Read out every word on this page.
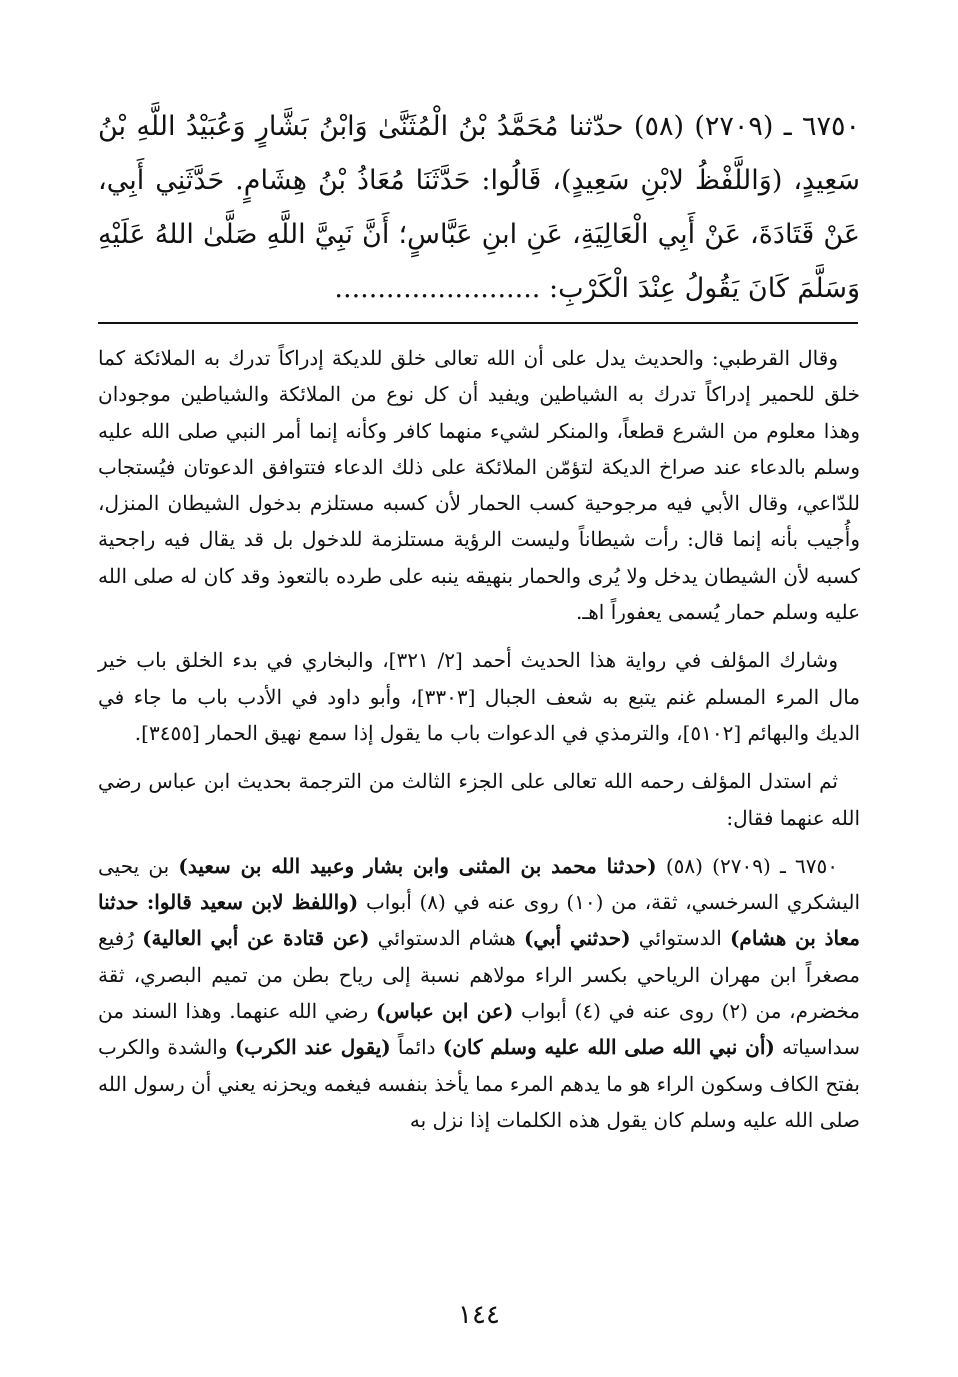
٦٧٥٠ ـ (٢٧٠٩) (٥٨) حدّثنا مُحَمَّدُ بْنُ الْمُثَنَّىٰ وَابْنُ بَشَّارٍ وَعُبَيْدُ اللَّهِ بْنُ سَعِيدٍ، (وَاللَّفْظُ لابْنِ سَعِيدٍ)، قَالُوا: حَدَّثَنَا مُعَاذُ بْنُ هِشَامٍ. حَدَّثَنِي أَبِي، عَنْ قَتَادَةَ، عَنْ أَبِي الْعَالِيَةِ، عَنِ ابنِ عَبَّاسٍ؛ أَنَّ نَبِيَّ اللَّهِ صَلَّىٰ اللهُ عَلَيْهِ وَسَلَّمَ كَانَ يَقُولُ عِنْدَ الْكَرْبِ: ........................

وقال القرطبي: والحديث يدل على أن الله تعالى خلق للديكة إدراكاً تدرك به الملائكة كما خلق للحمير إدراكاً تدرك به الشياطين ويفيد أن كل نوع من الملائكة والشياطين موجودان وهذا معلوم من الشرع قطعاً، والمنكر لشيء منهما كافر وكأنه إنما أمر النبي صلى الله عليه وسلم بالدعاء عند صراخ الديكة لتؤمّن الملائكة على ذلك الدعاء فتتوافق الدعوتان فيُستجاب للدّاعي، وقال الأبي فيه مرجوحية كسب الحمار لأن كسبه مستلزم بدخول الشيطان المنزل، وأُجيب بأنه إنما قال: رأت شيطاناً وليست الرؤية مستلزمة للدخول بل قد يقال فيه راجحية كسبه لأن الشيطان يدخل ولا يُرى والحمار بنهيقه ينبه على طرده بالتعوذ وقد كان له صلى الله عليه وسلم حمار يُسمى يعفوراً اهـ.

وشارك المؤلف في رواية هذا الحديث أحمد [٢/ ٣٢١]، والبخاري في بدء الخلق باب خير مال المرء المسلم غنم يتبع به شعف الجبال [٣٣٠٣]، وأبو داود في الأدب باب ما جاء في الديك والبهائم [٥١٠٢]، والترمذي في الدعوات باب ما يقول إذا سمع نهيق الحمار [٣٤٥٥].

ثم استدل المؤلف رحمه الله تعالى على الجزء الثالث من الترجمة بحديث ابن عباس رضي الله عنهما فقال:

٦٧٥٠ ـ (٢٧٠٩) (٥٨) (حدثنا محمد بن المثنى وابن بشار وعبيد الله بن سعيد) بن يحيى اليشكري السرخسي، ثقة، من (١٠) روى عنه في (٨) أبواب (واللفظ لابن سعيد قالوا: حدثنا معاذ بن هشام) الدستوائي (حدثني أبي) هشام الدستوائي (عن قتادة عن أبي العالية) رُفيع مصغراً ابن مهران الرياحي بكسر الراء مولاهم نسبة إلى رياح بطن من تميم البصري، ثقة مخضرم، من (٢) روى عنه في (٤) أبواب (عن ابن عباس) رضي الله عنهما. وهذا السند من سداسياته (أن نبي الله صلى الله عليه وسلم كان) دائماً (يقول عند الكرب) والشدة والكرب بفتح الكاف وسكون الراء هو ما يدهم المرء مما يأخذ بنفسه فيغمه ويحزنه يعني أن رسول الله صلى الله عليه وسلم كان يقول هذه الكلمات إذا نزل به

١٤٤
